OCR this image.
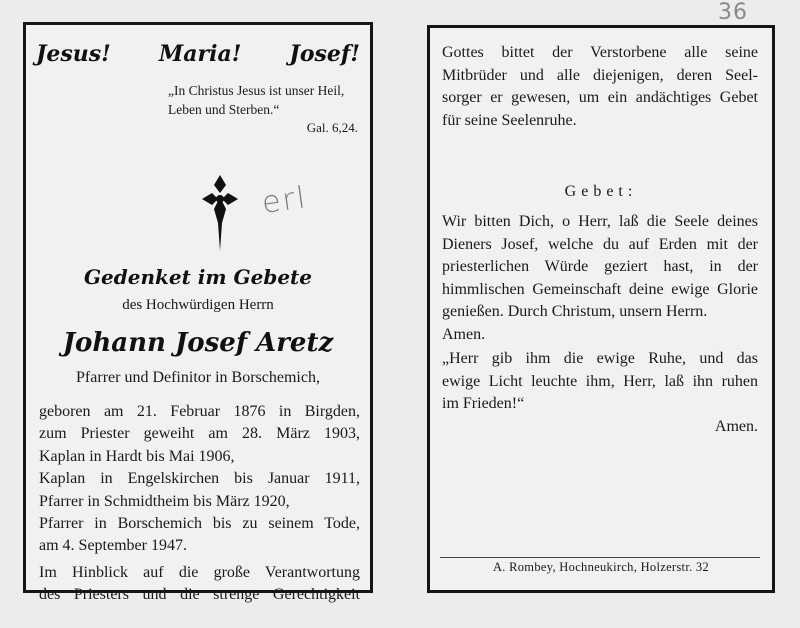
36
Jesus! Maria! Josef!
„In Christus Jesus ist unser Heil,
Leben und Sterben.“
Gal. 6,24.
erl
Gedenket im Gebete
des Hochwürdigen Herrn
Johann Josef Aretz
Pfarrer und Definitor in Borschemich,
geboren am 21. Februar 1876 in Birgden,
zum Priester geweiht am 28. März 1903,
Kaplan in Hardt bis Mai 1906,
Kaplan in Engelskirchen bis Januar 1911,
Pfarrer in Schmidtheim bis März 1920,
Pfarrer in Borschemich bis zu seinem Tode,
am 4. September 1947.
Im Hinblick auf die große Verantwortung
des Priesters und die strenge Gerechtigkeit
Gottes bittet der Verstorbene alle seine
Mitbrüder und alle diejenigen, deren Seel-
sorger er gewesen, um ein andächtiges Gebet
für seine Seelenruhe.
Gebet:
Wir bitten Dich, o Herr, laß die Seele deines
Dieners Josef, welche du auf Erden mit der
priesterlichen Würde geziert hast, in der
himmlischen Gemeinschaft deine ewige Glorie
genießen. Durch Christum, unsern Herrn.
Amen.
„Herr gib ihm die ewige Ruhe, und das
ewige Licht leuchte ihm, Herr, laß ihn ruhen
im Frieden!“
Amen.
A. Rombey, Hochneukirch, Holzerstr. 32
